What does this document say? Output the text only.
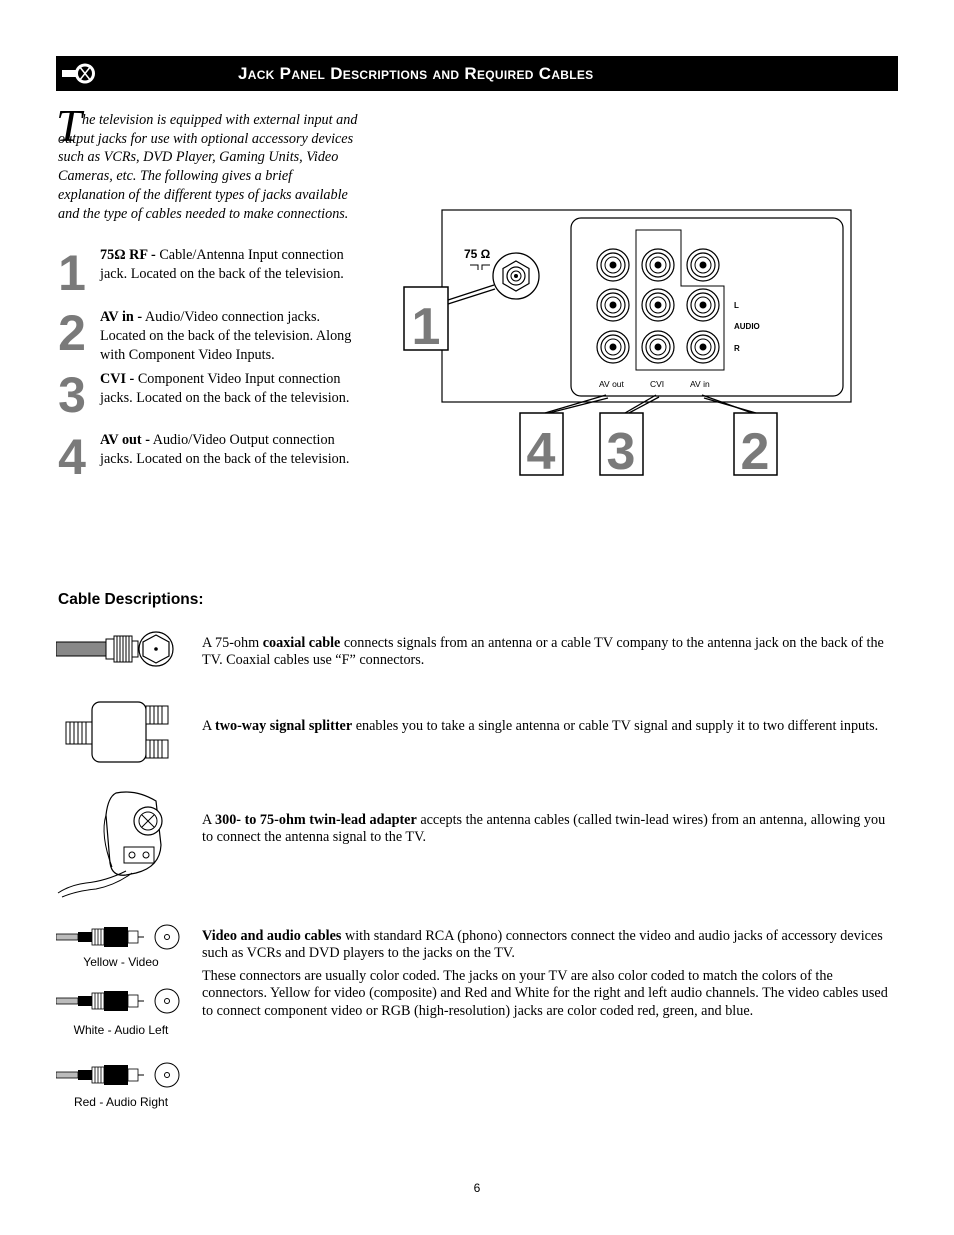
Jack Panel Descriptions and Required Cables
T he television is equipped with external input and output jacks for use with optional accessory devices such as VCRs, DVD Player, Gaming Units, Video Cameras, etc. The following gives a brief explanation of the different types of jacks available and the type of cables needed to make connections.
1 75Ω RF - Cable/Antenna Input connection jack. Located on the back of the television.
2 AV in - Audio/Video connection jacks. Located on the back of the television. Along with Component Video Inputs.
3 CVI - Component Video Input connection jacks. Located on the back of the television.
4 AV out - Audio/Video Output connection jacks. Located on the back of the television.
75 Ω
L
AUDIO
R
AV out	CVI	AV in
1
4 3 2
Cable Descriptions:
A 75-ohm coaxial cable connects signals from an antenna or a cable TV company to the antenna jack on the back of the TV. Coaxial cables use “F” connectors.
A two-way signal splitter enables you to take a single antenna or cable TV signal and supply it to two different inputs.
A 300- to 75-ohm twin-lead adapter accepts the antenna cables (called twin-lead wires) from an antenna, allowing you to connect the antenna signal to the TV.
Yellow - Video
White - Audio Left
Red - Audio Right
Video and audio cables with standard RCA (phono) connectors connect the video and audio jacks of accessory devices such as VCRs and DVD players to the jacks on the TV.
These connectors are usually color coded. The jacks on your TV are also color coded to match the colors of the connectors. Yellow for video (composite) and Red and White for the right and left audio channels. The video cables used to connect component video or RGB (high-resolution) jacks are color coded red, green, and blue.
6
